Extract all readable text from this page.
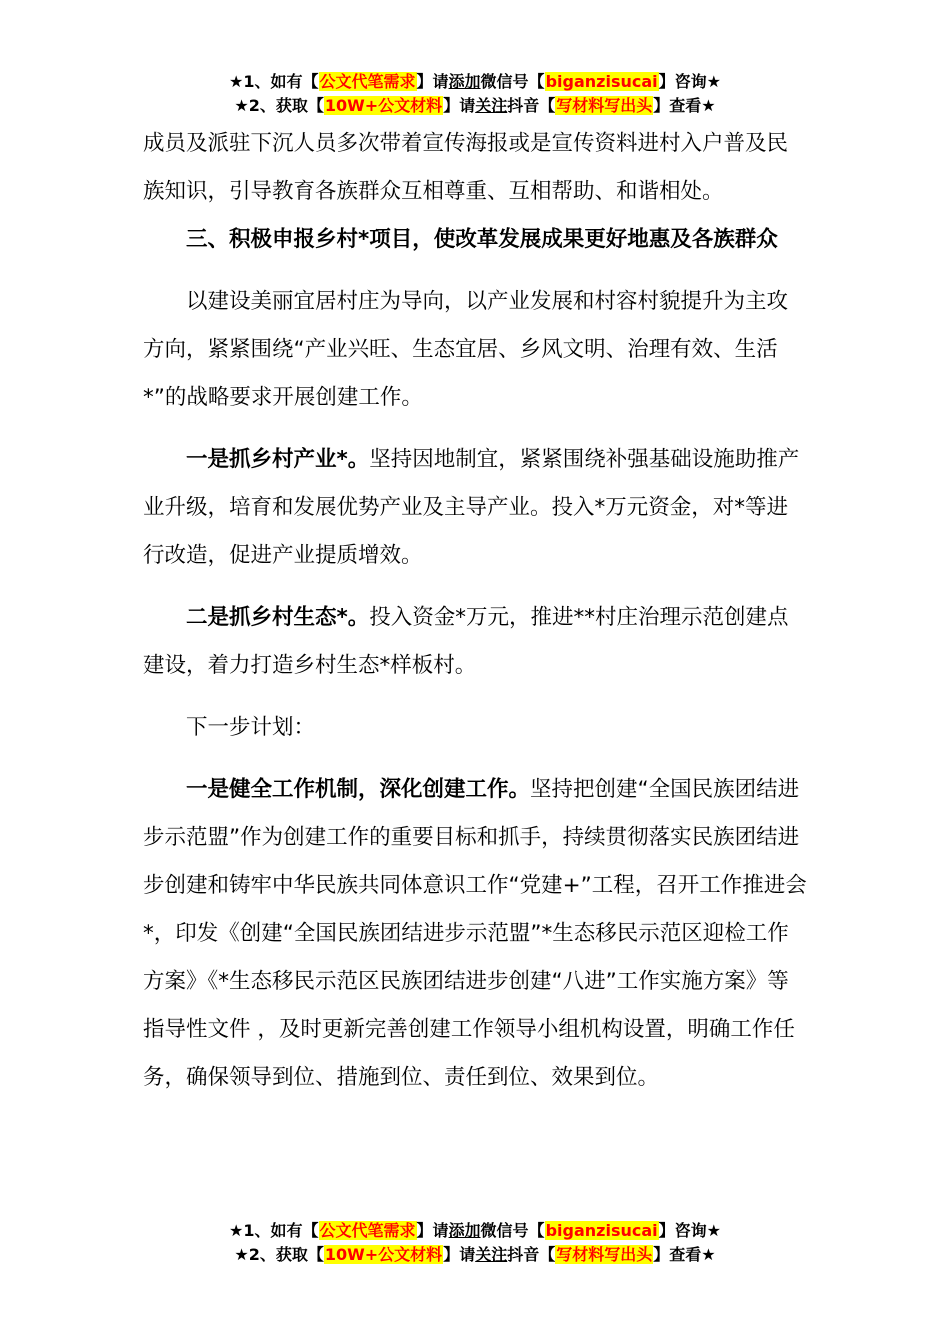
★1、如有【公文代笔需求】请添加微信号【biganzisucai】咨询★
★2、获取【10W+公文材料】请关注抖音【写材料写出头】查看★

成员及派驻下沉人员多次带着宣传海报或是宣传资料进村入户普及民族知识，引导教育各族群众互相尊重、互相帮助、和谐相处。

三、积极申报乡村*项目，使改革发展成果更好地惠及各族群众

以建设美丽宜居村庄为导向，以产业发展和村容村貌提升为主攻方向，紧紧围绕“产业兴旺、生态宜居、乡风文明、治理有效、生活*”的战略要求开展创建工作。

一是抓乡村产业*。坚持因地制宜，紧紧围绕补强基础设施助推产业升级，培育和发展优势产业及主导产业。投入*万元资金，对*等进行改造，促进产业提质增效。

二是抓乡村生态*。投入资金*万元，推进**村庄治理示范创建点建设，着力打造乡村生态*样板村。

下一步计划：

一是健全工作机制，深化创建工作。坚持把创建“全国民族团结进步示范盟”作为创建工作的重要目标和抓手，持续贯彻落实民族团结进步创建和铸牢中华民族共同体意识工作“党建+”工程，召开工作推进会*，印发《创建“全国民族团结进步示范盟”*生态移民示范区迎检工作方案》《*生态移民示范区民族团结进步创建“八进”工作实施方案》等指导性文件 ，及时更新完善创建工作领导小组机构设置，明确工作任务，确保领导到位、措施到位、责任到位、效果到位。

★1、如有【公文代笔需求】请添加微信号【biganzisucai】咨询★
★2、获取【10W+公文材料】请关注抖音【写材料写出头】查看★
